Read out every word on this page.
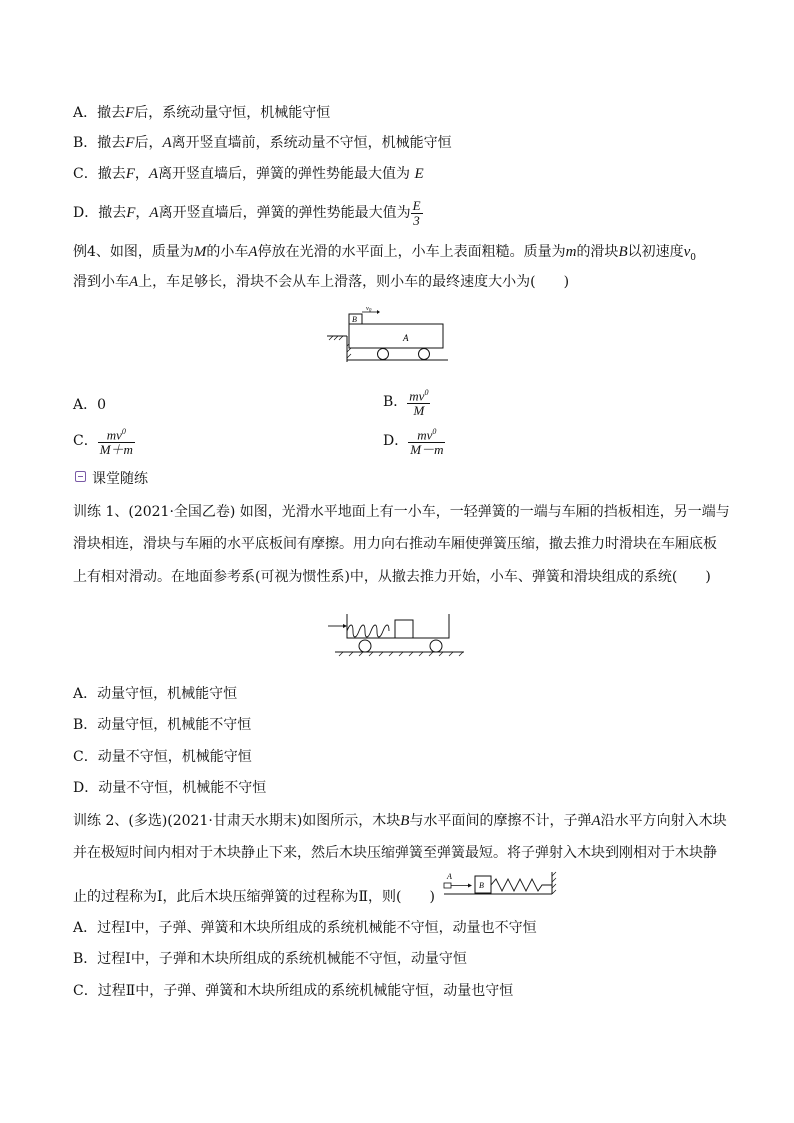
A．撤去F后，系统动量守恒，机械能守恒
B．撤去F后，A离开竖直墙前，系统动量不守恒，机械能守恒
C．撤去F，A离开竖直墙后，弹簧的弹性势能最大值为 E
D．撤去F，A离开竖直墙后，弹簧的弹性势能最大值为 $\frac{E}{3}$
例4、如图，质量为M的小车A停放在光滑的水平面上，小车上表面粗糙。质量为m的滑块B以初速度$v_0$
滑到小车A上，车足够长，滑块不会从车上滑落，则小车的最终速度大小为(　　)
A
B
$v_0$
A．0	B． $\frac{mv^0}{M}$
C． $\frac{mv^0}{M+m}$	D． $\frac{mv^0}{M-m}$
课堂随练
训练 1、(2021·全国乙卷) 如图，光滑水平地面上有一小车，一轻弹簧的一端与车厢的挡板相连，另一端与
滑块相连，滑块与车厢的水平底板间有摩擦。用力向右推动车厢使弹簧压缩，撤去推力时滑块在车厢底板
上有相对滑动。在地面参考系(可视为惯性系)中，从撤去推力开始，小车、弹簧和滑块组成的系统(　　)
A．动量守恒，机械能守恒
B．动量守恒，机械能不守恒
C．动量不守恒，机械能守恒
D．动量不守恒，机械能不守恒
训练 2、(多选)(2021·甘肃天水期末)如图所示，木块B与水平面间的摩擦不计，子弹A沿水平方向射入木块
并在极短时间内相对于木块静止下来，然后木块压缩弹簧至弹簧最短。将子弹射入木块到刚相对于木块静
止的过程称为Ⅰ，此后木块压缩弹簧的过程称为Ⅱ，则(　　)
A
B
A．过程Ⅰ中，子弹、弹簧和木块所组成的系统机械能不守恒，动量也不守恒
B．过程Ⅰ中，子弹和木块所组成的系统机械能不守恒，动量守恒
C．过程Ⅱ中，子弹、弹簧和木块所组成的系统机械能守恒，动量也守恒
